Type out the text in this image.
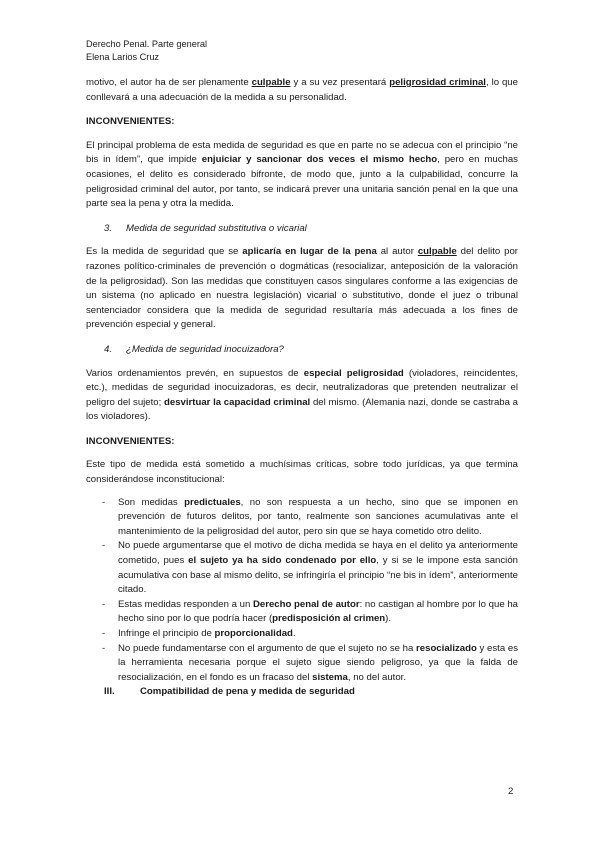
Derecho Penal. Parte general
Elena Larios Cruz

motivo, el autor ha de ser plenamente culpable y a su vez presentará peligrosidad criminal, lo que conllevará a una adecuación de la medida a su personalidad.

INCONVENIENTES:

El principal problema de esta medida de seguridad es que en parte no se adecua con el principio “ne bis in ídem”, que impide enjuiciar y sancionar dos veces el mismo hecho, pero en muchas ocasiones, el delito es considerado bifronte, de modo que, junto a la culpabilidad, concurre la peligrosidad criminal del autor, por tanto, se indicará prever una unitaria sanción penal en la que una parte sea la pena y otra la medida.

3. Medida de seguridad substitutiva o vicarial

Es la medida de seguridad que se aplicaría en lugar de la pena al autor culpable del delito por razones político-criminales de prevención o dogmáticas (resocializar, anteposición de la valoración de la peligrosidad). Son las medidas que constituyen casos singulares conforme a las exigencias de un sistema (no aplicado en nuestra legislación) vicarial o substitutivo, donde el juez o tribunal sentenciador considera que la medida de seguridad resultaría más adecuada a los fines de prevención especial y general.

4. ¿Medida de seguridad inocuizadora?

Varios ordenamientos prevén, en supuestos de especial peligrosidad (violadores, reincidentes, etc.), medidas de seguridad inocuizadoras, es decir, neutralizadoras que pretenden neutralizar el peligro del sujeto; desvirtuar la capacidad criminal del mismo. (Alemania nazi, donde se castraba a los violadores).

INCONVENIENTES:

Este tipo de medida está sometido a muchísimas críticas, sobre todo jurídicas, ya que termina considerándose inconstitucional:

- Son medidas predictuales, no son respuesta a un hecho, sino que se imponen en prevención de futuros delitos, por tanto, realmente son sanciones acumulativas ante el mantenimiento de la peligrosidad del autor, pero sin que se haya cometido otro delito.
- No puede argumentarse que el motivo de dicha medida se haya en el delito ya anteriormente cometido, pues el sujeto ya ha sido condenado por ello, y si se le impone esta sanción acumulativa con base al mismo delito, se infringiría el principio “ne bis in ídem”, anteriormente citado.
- Estas medidas responden a un Derecho penal de autor: no castigan al hombre por lo que ha hecho sino por lo que podría hacer (predisposición al crimen).
- Infringe el principio de proporcionalidad.
- No puede fundamentarse con el argumento de que el sujeto no se ha resocializado y esta es la herramienta necesaria porque el sujeto sigue siendo peligroso, ya que la falda de resocialización, en el fondo es un fracaso del sistema, no del autor.
III.	Compatibilidad de pena y medida de seguridad
2
